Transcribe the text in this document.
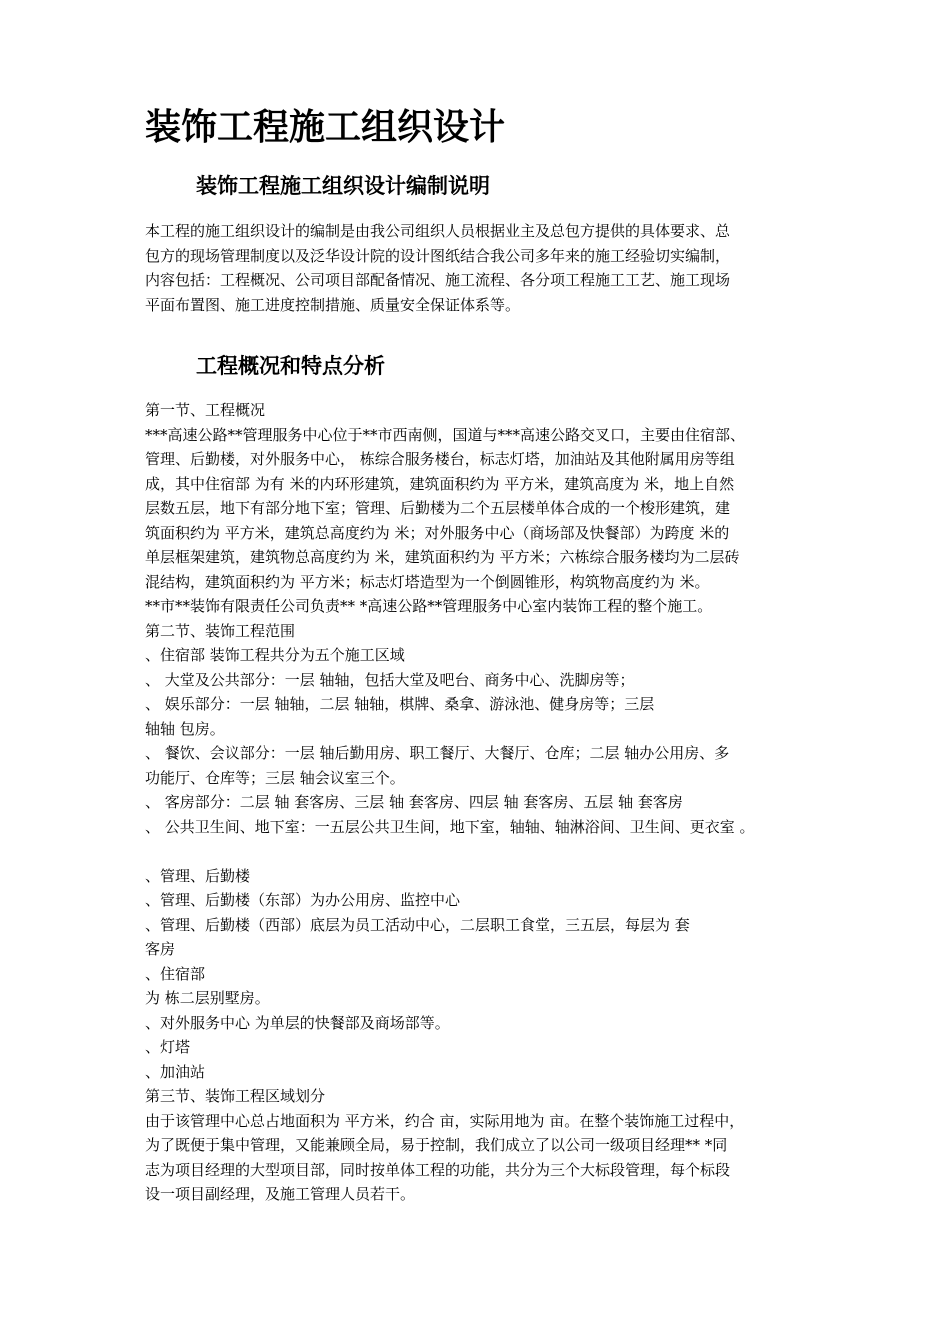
装饰工程施工组织设计
装饰工程施工组织设计编制说明
本工程的施工组织设计的编制是由我公司组织人员根据业主及总包方提供的具体要求、总
包方的现场管理制度以及泛华设计院的设计图纸结合我公司多年来的施工经验切实编制，
内容包括：工程概况、公司项目部配备情况、施工流程、各分项工程施工工艺、施工现场
平面布置图、施工进度控制措施、质量安全保证体系等。
工程概况和特点分析
第一节、工程概况
***高速公路**管理服务中心位于**市西南侧，国道与***高速公路交叉口，主要由住宿部、
管理、后勤楼，对外服务中心， 栋综合服务楼台，标志灯塔，加油站及其他附属用房等组
成，其中住宿部 为有 米的内环形建筑，建筑面积约为 平方米，建筑高度为 米，地上自然
层数五层，地下有部分地下室；管理、后勤楼为二个五层楼单体合成的一个梭形建筑，建
筑面积约为 平方米，建筑总高度约为 米；对外服务中心（商场部及快餐部）为跨度 米的
单层框架建筑，建筑物总高度约为 米，建筑面积约为 平方米；六栋综合服务楼均为二层砖
混结构，建筑面积约为 平方米；标志灯塔造型为一个倒圆锥形，构筑物高度约为 米。
**市**装饰有限责任公司负责** *高速公路**管理服务中心室内装饰工程的整个施工。
第二节、装饰工程范围
、住宿部 装饰工程共分为五个施工区域
、 大堂及公共部分：一层 轴轴，包括大堂及吧台、商务中心、洗脚房等；
、 娱乐部分：一层 轴轴，二层 轴轴，棋牌、桑拿、游泳池、健身房等；三层
轴轴 包房。
、 餐饮、会议部分：一层 轴后勤用房、职工餐厅、大餐厅、仓库；二层 轴办公用房、多
功能厅、仓库等；三层 轴会议室三个。
、 客房部分：二层 轴 套客房、三层 轴 套客房、四层 轴 套客房、五层 轴 套客房
、 公共卫生间、地下室：一五层公共卫生间，地下室，轴轴、轴淋浴间、卫生间、更衣室 。
、管理、后勤楼
、管理、后勤楼（东部）为办公用房、监控中心
、管理、后勤楼（西部）底层为员工活动中心，二层职工食堂，三五层，每层为 套
客房
、住宿部
为 栋二层别墅房。
、对外服务中心 为单层的快餐部及商场部等。
、灯塔
、加油站
第三节、装饰工程区域划分
由于该管理中心总占地面积为 平方米，约合 亩，实际用地为 亩。在整个装饰施工过程中，
为了既便于集中管理，又能兼顾全局，易于控制，我们成立了以公司一级项目经理** *同
志为项目经理的大型项目部，同时按单体工程的功能，共分为三个大标段管理，每个标段
设一项目副经理，及施工管理人员若干。
